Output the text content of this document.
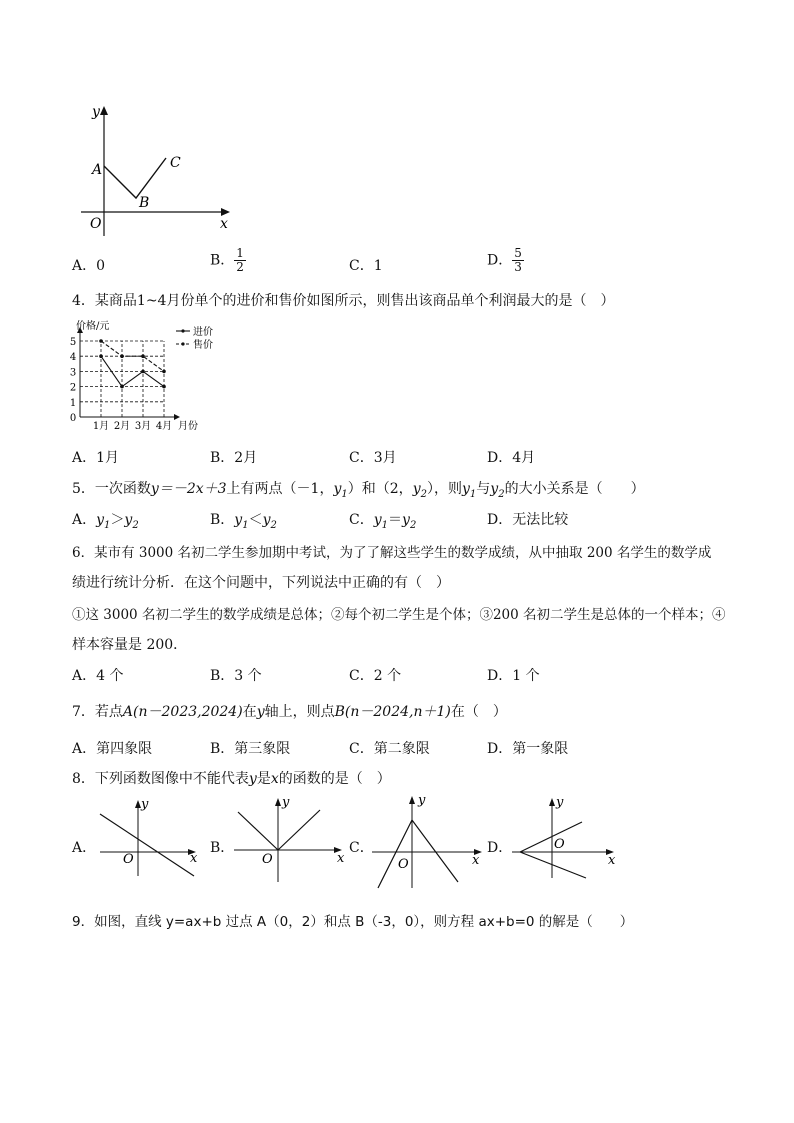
y
x
O
A
B
C
A．0	B． $\frac{1}{2}$	C．1	D． $\frac{5}{3}$
4．某商品1~4月份单个的进价和售价如图所示，则售出该商品单个利润最大的是（　）
0
1
2
3
4
5
1月 2月 3月 4月
价格/元
月份
进价
售价
A．1月	B．2月	C．3月	D．4月
5．一次函数y＝－2x＋3上有两点（－1，$y_1$）和（2，$y_2$），则$y_1$与$y_2$的大小关系是（　　）
A．$y_1>y_2$	B．$y_1<y_2$	C．$y_1=y_2$	D．无法比较
6．某市有 3000 名初二学生参加期中考试，为了了解这些学生的数学成绩，从中抽取 200 名学生的数学成
绩进行统计分析．在这个问题中，下列说法中正确的有（　）
①这 3000 名初二学生的数学成绩是总体；②每个初二学生是个体；③200 名初二学生是总体的一个样本；④
样本容量是 200．
A．4 个	B．3 个	C．2 个	D．1 个
7．若点A(n－2023,2024)在y轴上，则点B(n－2024,n＋1)在（　）
A．第四象限	B．第三象限	C．第二象限	D．第一象限
8．下列函数图像中不能代表y是x的函数的是（　）
A．
y
x
O
B．
y
x
O
C．
y
x
O
D．
y
x
O
9．如图，直线 y=ax+b 过点 A（0，2）和点 B（-3，0），则方程 ax+b=0 的解是（　　）
